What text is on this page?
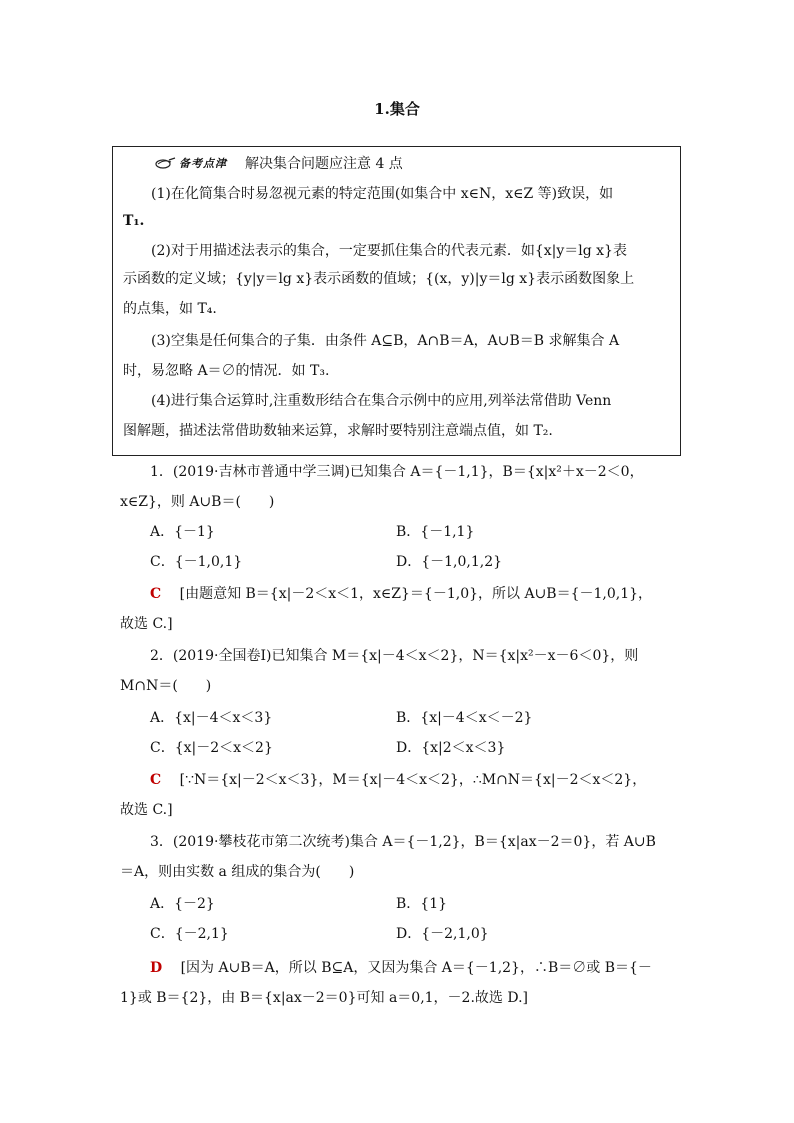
1.集合
备考点津 解决集合问题应注意 4 点
(1)在化简集合时易忽视元素的特定范围(如集合中 x∈N，x∈Z 等)致误，如
T₁.
(2)对于用描述法表示的集合，一定要抓住集合的代表元素．如{x|y＝lg x}表
示函数的定义域；{y|y＝lg x}表示函数的值域；{(x，y)|y＝lg x}表示函数图象上
的点集，如 T₄.
(3)空集是任何集合的子集．由条件 A⊆B，A∩B＝A，A∪B＝B 求解集合 A
时，易忽略 A＝∅的情况．如 T₃.
(4)进行集合运算时,注重数形结合在集合示例中的应用,列举法常借助 Venn
图解题，描述法常借助数轴来运算，求解时要特别注意端点值，如 T₂.
1．(2019·吉林市普通中学三调)已知集合 A＝{－1,1}，B＝{x|x²＋x－2＜0，
x∈Z}，则 A∪B＝(　　)
A．{－1}	B．{－1,1}
C．{－1,0,1}	D．{－1,0,1,2}
C   [由题意知 B＝{x|－2＜x＜1，x∈Z}＝{－1,0}，所以 A∪B＝{－1,0,1}，
故选 C.]
2．(2019·全国卷Ⅰ)已知集合 M＝{x|－4＜x＜2}，N＝{x|x²－x－6＜0}，则
M∩N＝(　　)
A．{x|－4＜x＜3}	B．{x|－4＜x＜－2}
C．{x|－2＜x＜2}	D．{x|2＜x＜3}
C   [∵N＝{x|－2＜x＜3}，M＝{x|－4＜x＜2}，∴M∩N＝{x|－2＜x＜2}，
故选 C.]
3．(2019·攀枝花市第二次统考)集合 A＝{－1,2}，B＝{x|ax－2＝0}，若 A∪B
＝A，则由实数 a 组成的集合为(　　)
A．{－2}	B．{1}
C．{－2,1}	D．{－2,1,0}
D   [因为 A∪B＝A，所以 B⊆A，又因为集合 A＝{－1,2}，∴B＝∅或 B＝{－
1}或 B＝{2}，由 B＝{x|ax－2＝0}可知 a＝0,1，－2.故选 D.]
